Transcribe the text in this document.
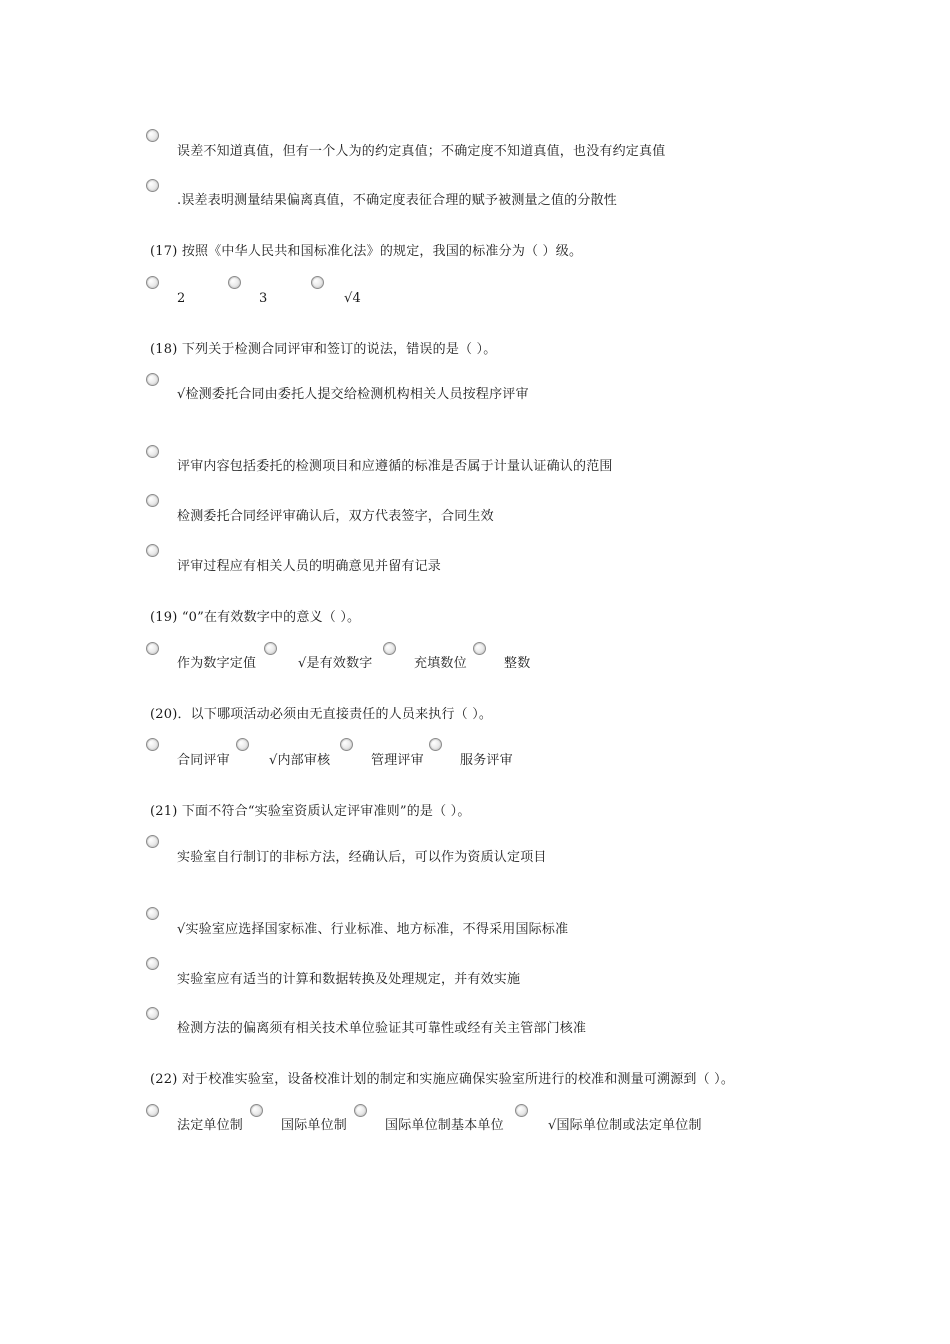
误差不知道真值，但有一个人为的约定真值；不确定度不知道真值，也没有约定真值
.误差表明测量结果偏离真值，不确定度表征合理的赋予被测量之值的分散性
(17) 按照《中华人民共和国标准化法》的规定，我国的标准分为（ ）级。
2	3	√4
(18) 下列关于检测合同评审和签订的说法，错误的是（ ）。
√检测委托合同由委托人提交给检测机构相关人员按程序评审
评审内容包括委托的检测项目和应遵循的标准是否属于计量认证确认的范围
检测委托合同经评审确认后，双方代表签字，合同生效
评审过程应有相关人员的明确意见并留有记录
(19) “0”在有效数字中的意义（ ）。
作为数字定值	√是有效数字	充填数位	整数
(20)．以下哪项活动必须由无直接责任的人员来执行（ ）。
合同评审	√内部审核	管理评审	服务评审
(21) 下面不符合“实验室资质认定评审准则”的是（ ）。
实验室自行制订的非标方法，经确认后，可以作为资质认定项目
√实验室应选择国家标准、行业标准、地方标准，不得采用国际标准
实验室应有适当的计算和数据转换及处理规定，并有效实施
检测方法的偏离须有相关技术单位验证其可靠性或经有关主管部门核准
(22) 对于校准实验室，设备校准计划的制定和实施应确保实验室所进行的校准和测量可溯源到（ ）。
法定单位制	国际单位制	国际单位制基本单位	√国际单位制或法定单位制
